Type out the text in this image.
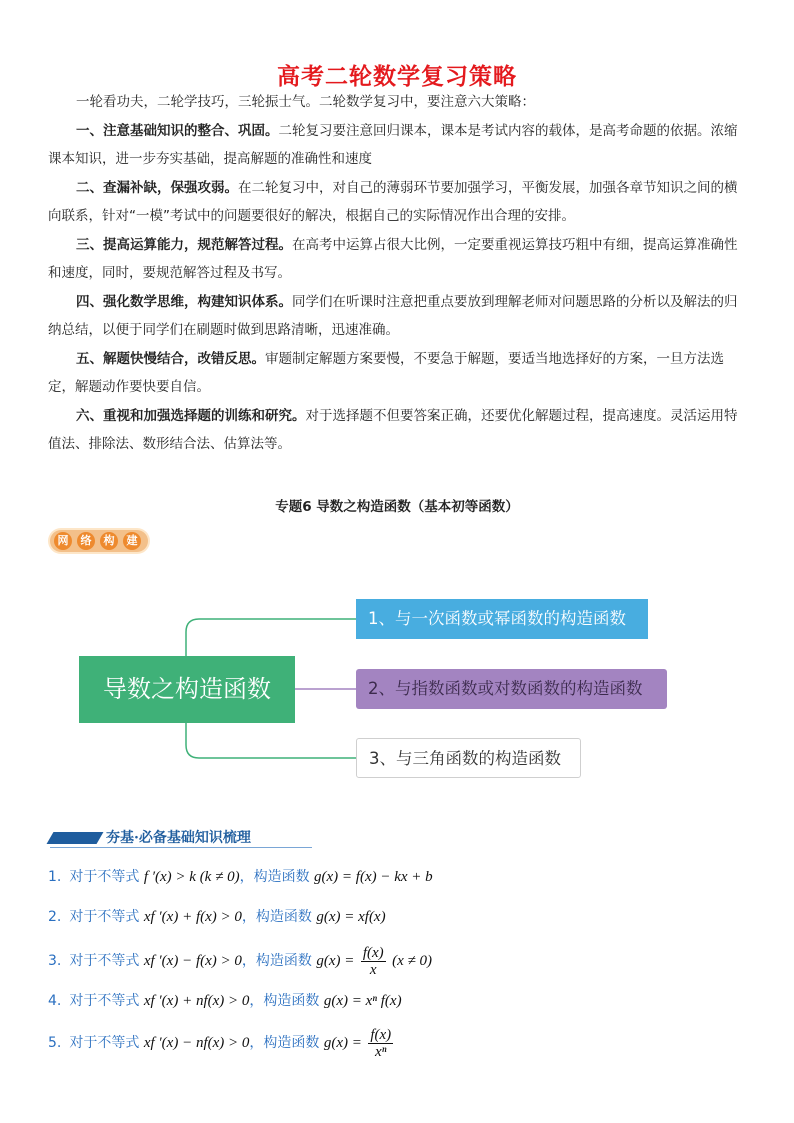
高考二轮数学复习策略
一轮看功夫，二轮学技巧，三轮振士气。二轮数学复习中，要注意六大策略：
一、注意基础知识的整合、巩固。二轮复习要注意回归课本，课本是考试内容的载体，是高考命题的依据。浓缩课本知识，进一步夯实基础，提高解题的准确性和速度
二、查漏补缺，保强攻弱。在二轮复习中，对自己的薄弱环节要加强学习，平衡发展，加强各章节知识之间的横向联系，针对“一模”考试中的问题要很好的解决，根据自己的实际情况作出合理的安排。
三、提高运算能力，规范解答过程。在高考中运算占很大比例，一定要重视运算技巧粗中有细，提高运算准确性和速度，同时，要规范解答过程及书写。
四、强化数学思维，构建知识体系。同学们在听课时注意把重点要放到理解老师对问题思路的分析以及解法的归纳总结，以便于同学们在刷题时做到思路清晰，迅速准确。
五、解题快慢结合，改错反思。审题制定解题方案要慢，不要急于解题，要适当地选择好的方案，一旦方法选定，解题动作要快要自信。
六、重视和加强选择题的训练和研究。对于选择题不但要答案正确，还要优化解题过程，提高速度。灵活运用特值法、排除法、数形结合法、估算法等。
专题6 导数之构造函数（基本初等函数）
网	络	构	建
导数之构造函数
1、与一次函数或幂函数的构造函数
2、与指数函数或对数函数的构造函数
3、与三角函数的构造函数
夯基·必备基础知识梳理
1. 对于不等式 f ′(x) > k (k ≠ 0)，构造函数 g(x) = f(x) − kx + b
2. 对于不等式 xf ′(x) + f(x) > 0，构造函数 g(x) = xf(x)
3. 对于不等式 xf ′(x) − f(x) > 0，构造函数 $g(x) = \frac{f(x)}{x} (x \ne 0)$
4. 对于不等式 xf ′(x) + nf(x) > 0，构造函数 g(x) = xⁿ f(x)
5. 对于不等式 xf ′(x) − nf(x) > 0，构造函数 $g(x) = \frac{f(x)}{\text{xⁿ}}$
